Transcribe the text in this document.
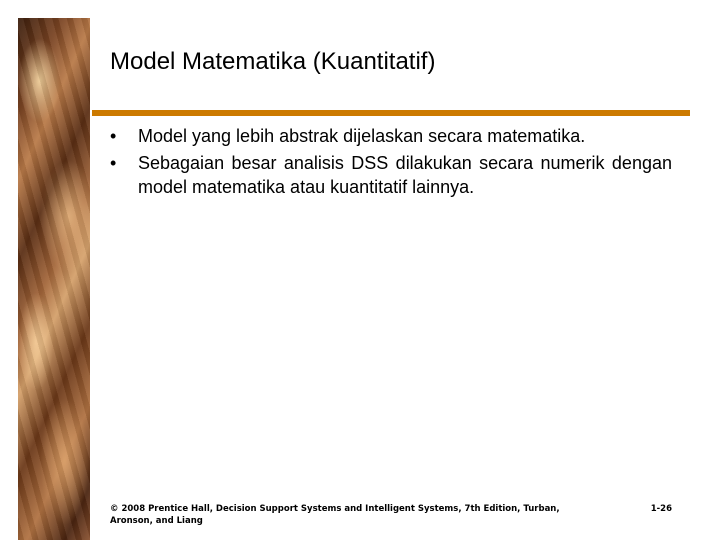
Model Matematika (Kuantitatif)
• Model yang lebih abstrak dijelaskan secara matematika.
• Sebagaian besar analisis DSS dilakukan secara numerik dengan model matematika atau kuantitatif lainnya.
© 2008 Prentice Hall, Decision Support Systems and Intelligent Systems, 7th Edition, Turban, Aronson, and Liang
1-26
